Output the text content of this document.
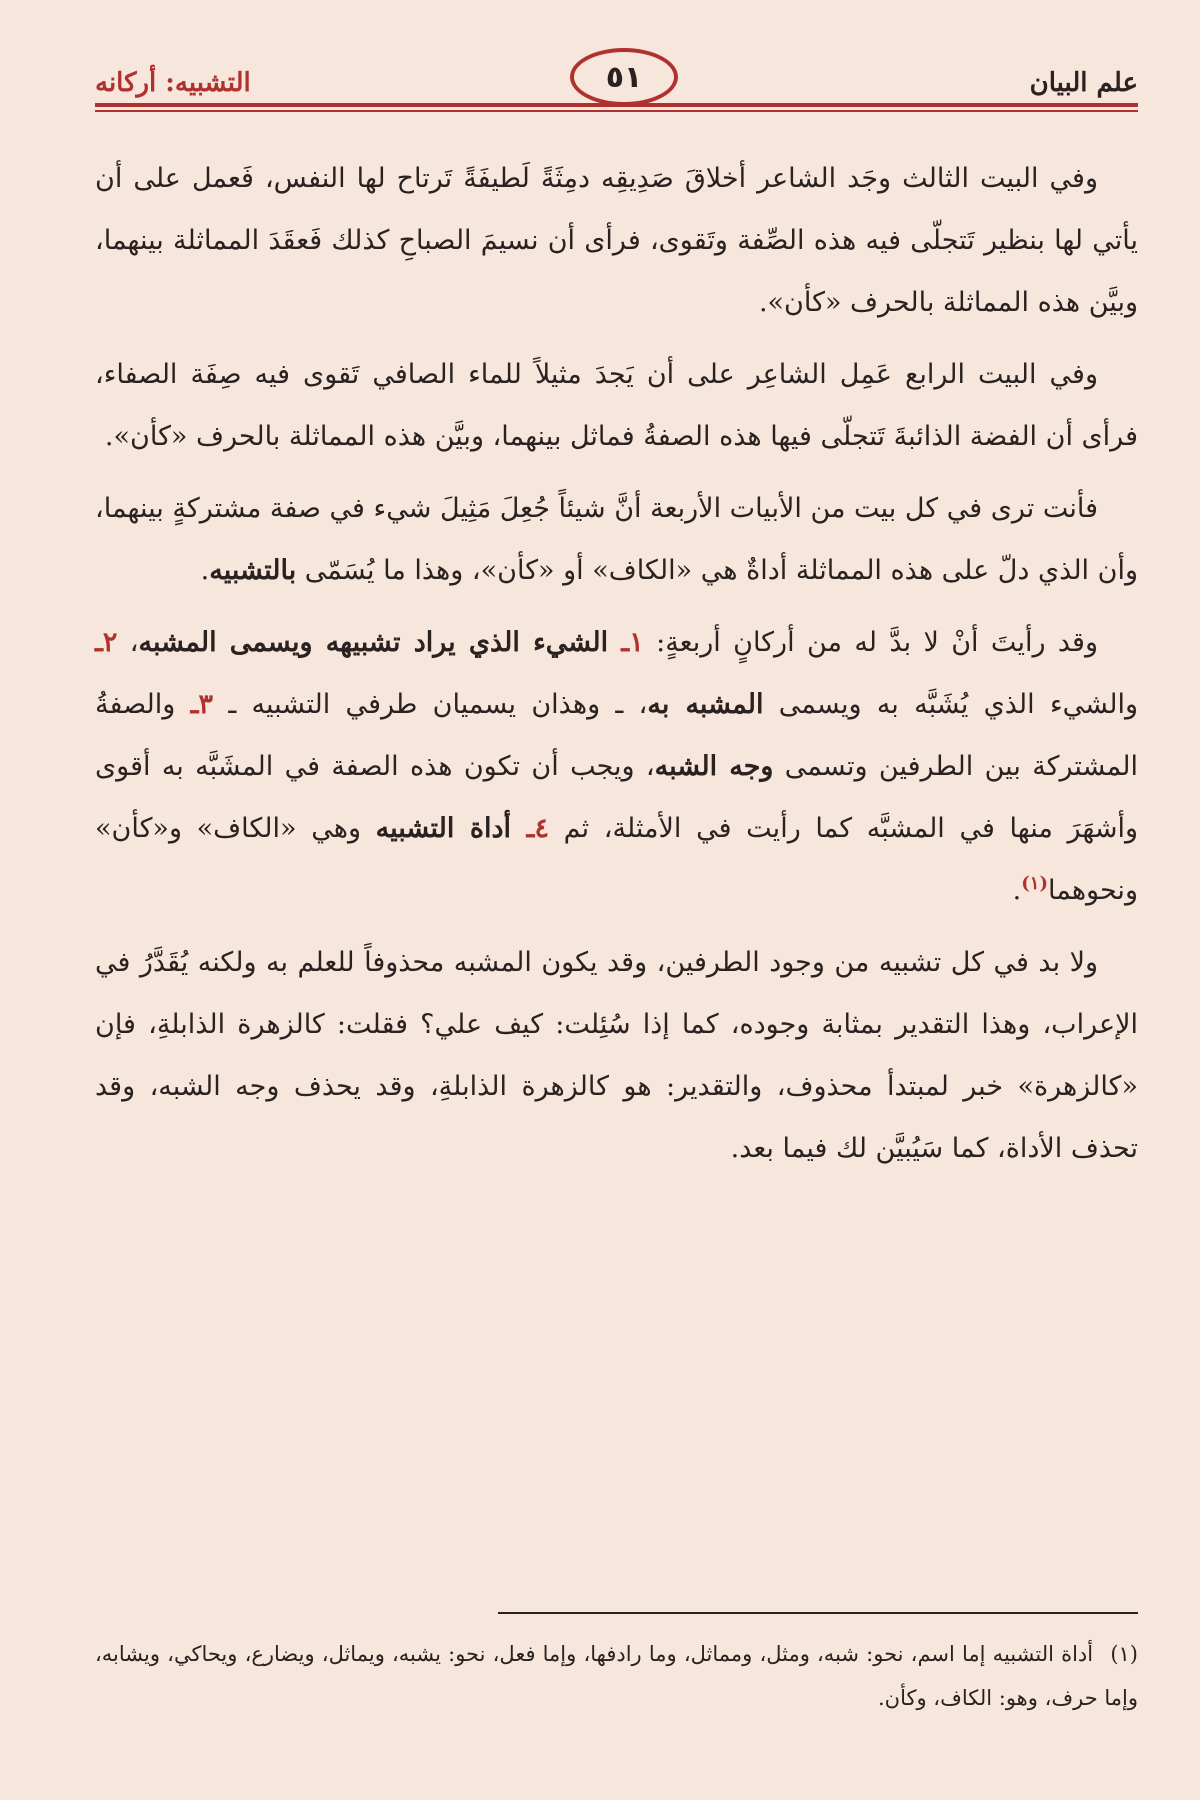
علم البيان
٥١
التشبيه: أركانه

وفي البيت الثالث وجَد الشاعر أخلاقَ صَدِيقِه دمِثَةً لَطيفَةً تَرتاح لها النفس، فَعمل على أن يأتي لها بنظير تَتجلّى فيه هذه الصِّفة وتَقوى، فرأى أن نسيمَ الصباحِ كذلك فَعقَدَ المماثلة بينهما، وبيَّن هذه المماثلة بالحرف «كأن».

وفي البيت الرابع عَمِل الشاعِر على أن يَجدَ مثيلاً للماء الصافي تَقوى فيه صِفَة الصفاء، فرأى أن الفضة الذائبةَ تَتجلّى فيها هذه الصفةُ فماثل بينهما، وبيَّن هذه المماثلة بالحرف «كأن».

فأنت ترى في كل بيت من الأبيات الأربعة أنَّ شيئاً جُعِلَ مَثِيلَ شيء في صفة مشتركةٍ بينهما، وأن الذي دلّ على هذه المماثلة أداةٌ هي «الكاف» أو «كأن»، وهذا ما يُسَمّى بالتشبيه.

وقد رأيتَ أنْ لا بدَّ له من أركانٍ أربعةٍ: ١ـ الشيء الذي يراد تشبيهه ويسمى المشبه، ٢ـ والشيء الذي يُشَبَّه به ويسمى المشبه به، ـ وهذان يسميان طرفي التشبيه ـ ٣ـ والصفةُ المشتركة بين الطرفين وتسمى وجه الشبه، ويجب أن تكون هذه الصفة في المشَبَّه به أقوى وأشهَرَ منها في المشبَّه كما رأيت في الأمثلة، ثم ٤ـ أداة التشبيه وهي «الكاف» و«كأن» ونحوهما$^{(١)}$.

ولا بد في كل تشبيه من وجود الطرفين، وقد يكون المشبه محذوفاً للعلم به ولكنه يُقَدَّرُ في الإعراب، وهذا التقدير بمثابة وجوده، كما إذا سُئِلت: كيف علي؟ فقلت: كالزهرة الذابلةِ، فإن «كالزهرة» خبر لمبتدأ محذوف، والتقدير: هو كالزهرة الذابلةِ، وقد يحذف وجه الشبه، وقد تحذف الأداة، كما سَيُبيَّن لك فيما بعد.

(١) أداة التشبيه إما اسم، نحو: شبه، ومثل، ومماثل، وما رادفها، وإما فعل، نحو: يشبه، ويماثل، ويضارع، ويحاكي، ويشابه، وإما حرف، وهو: الكاف، وكأن.
